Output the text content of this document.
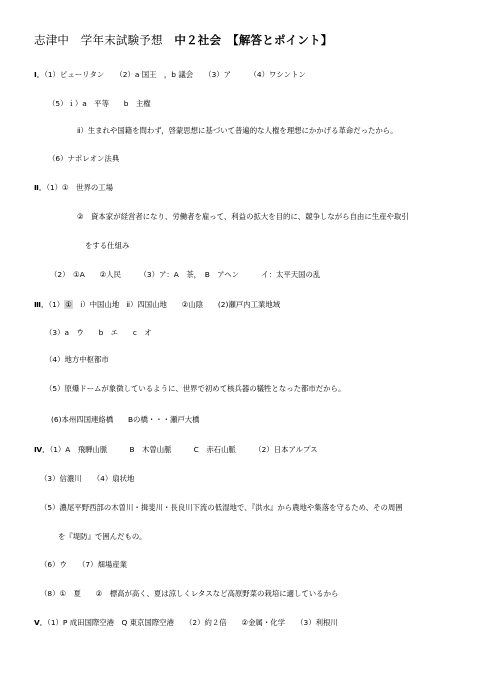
志津中　学年末試験予想　中２社会　【解答とポイント】
Ⅰ．（1）ピューリタン　　（2）a 国王　，b 議会　　（3）ア　　　（4）ワシントン
（5）ｉ）a　平等　　b　主権
ⅱ）生まれや国籍を問わず，啓蒙思想に基づいて普遍的な人権を理想にかかげる革命だったから。
（6）ナポレオン法典
Ⅱ．（1）①　世界の工場
②　資本家が経営者になり、労働者を雇って、利益の拡大を目的に、競争しながら自由に生産や取引
をする仕組み
（2）　①A　　②人民　　　（3）ア：A　茶，　B　アヘン　　　イ：太平天国の乱
Ⅲ．（1）①　ⅰ）中国山地　ⅱ）四国山地　　②山陰　　(2)瀬戸内工業地域
（3）a　ウ　　b　エ　　c　オ
（4）地方中枢都市
（5）原爆ドームが象徴しているように、世界で初めて核兵器の犠牲となった都市だから。
(6)本州四国連絡橋　　Bの橋・・・瀬戸大橋
Ⅳ．（1）A　飛騨山脈　　　B　木曽山脈　　　C　赤石山脈　　　（2）日本アルプス
（3）信濃川　　（4）扇状地
（5）濃尾平野西部の木曽川・揖斐川・長良川下流の低湿地で、『洪水』から農地や集落を守るため、その周囲
を『堤防』で囲んだもの。
（6）ウ　　（7）畑場産業
（8）①　夏　　②　標高が高く、夏は涼しくレタスなど高原野菜の栽培に適しているから
Ⅴ．（1）P 成田国際空港　Q 東京国際空港　　（2）約２倍　　②金属・化学　　（3）利根川
